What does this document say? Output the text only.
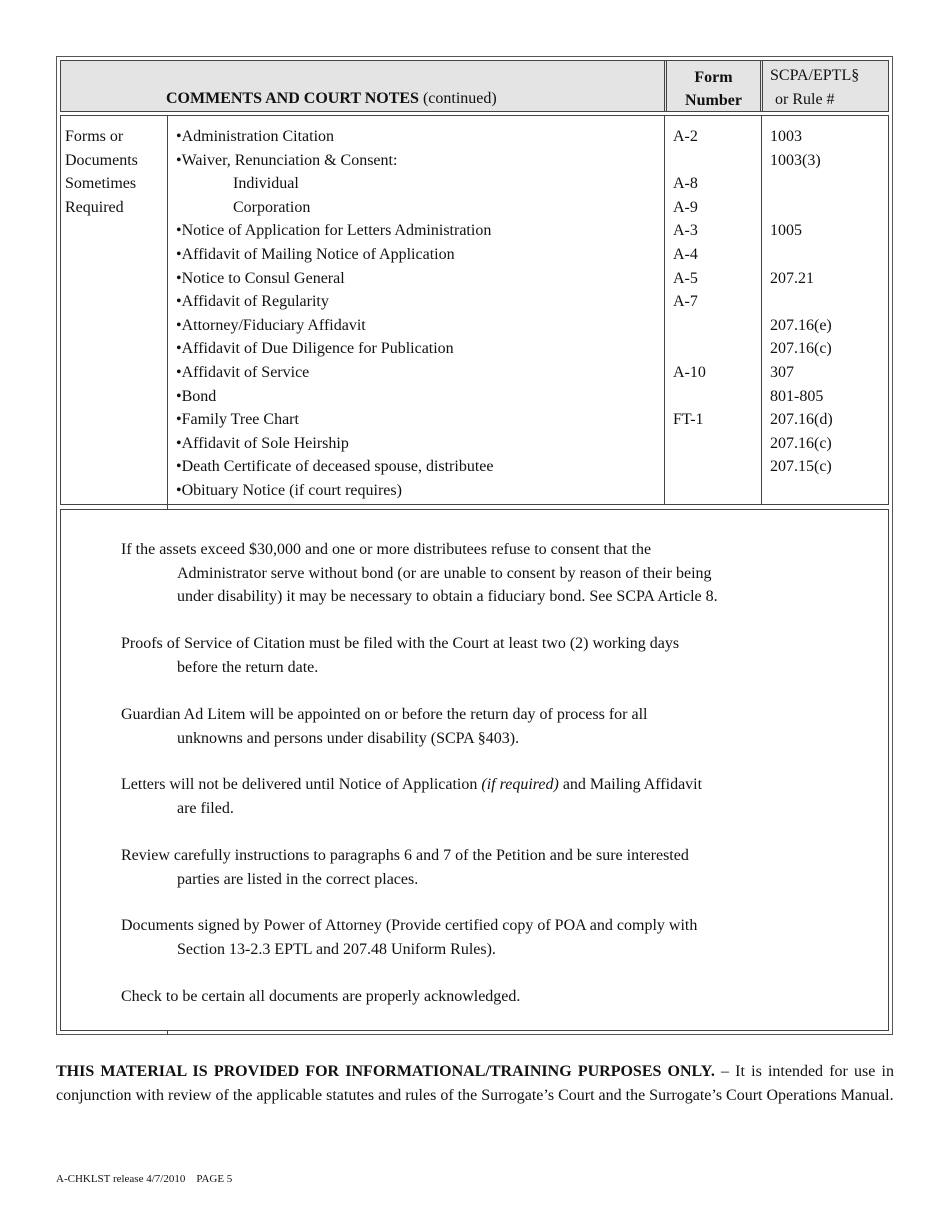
COMMENTS AND COURT NOTES (continued)
Form
Number
SCPA/EPTL§
or Rule #
Forms or
Documents
Sometimes
Required
•Administration Citation
•Waiver, Renunciation & Consent:
Individual
Corporation
•Notice of Application for Letters Administration
•Affidavit of Mailing Notice of Application
•Notice to Consul General
•Affidavit of Regularity
•Attorney/Fiduciary Affidavit
•Affidavit of Due Diligence for Publication
•Affidavit of Service
•Bond
•Family Tree Chart
•Affidavit of Sole Heirship
•Death Certificate of deceased spouse, distributee
•Obituary Notice (if court requires)
A-2
A-8
A-9
A-3
A-4
A-5
A-7
A-10
FT-1
1003
1003(3)
1005
207.21
207.16(e)
207.16(c)
307
801-805
207.16(d)
207.16(c)
207.15(c)
If the assets exceed $30,000 and one or more distributees refuse to consent that the
Administrator serve without bond (or are unable to consent by reason of their being
under disability) it may be necessary to obtain a fiduciary bond. See SCPA Article 8.
Proofs of Service of Citation must be filed with the Court at least two (2) working days
before the return date.
Guardian Ad Litem will be appointed on or before the return day of process for all
unknowns and persons under disability (SCPA §403).
Letters will not be delivered until Notice of Application (if required) and Mailing Affidavit
are filed.
Review carefully instructions to paragraphs 6 and 7 of the Petition and be sure interested
parties are listed in the correct places.
Documents signed by Power of Attorney (Provide certified copy of POA and comply with
Section 13-2.3 EPTL and 207.48 Uniform Rules).
Check to be certain all documents are properly acknowledged.
THIS MATERIAL IS PROVIDED FOR INFORMATIONAL/TRAINING PURPOSES ONLY. – It is intended for use in conjunction with review of the applicable statutes and rules of the Surrogate’s Court and the Surrogate’s Court Operations Manual.
A-CHKLST release 4/7/2010    PAGE 5
